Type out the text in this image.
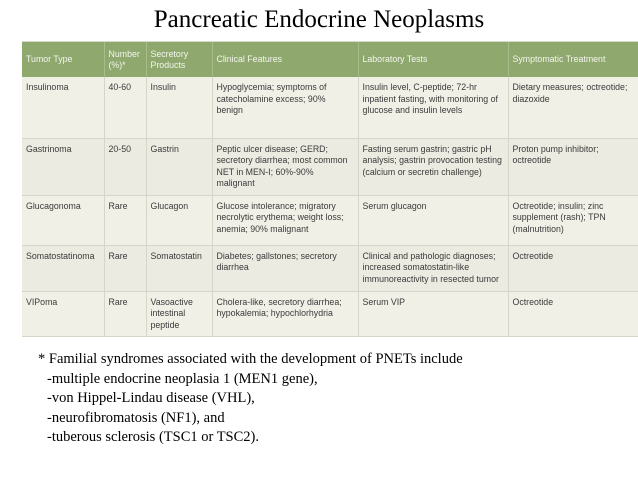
Pancreatic Endocrine Neoplasms
Tumor Type	Number (%)*	Secretory Products	Clinical Features	Laboratory Tests	Symptomatic Treatment
Insulinoma	40-60	Insulin	Hypoglycemia; symptoms of catecholamine excess; 90% benign	Insulin level, C-peptide; 72-hr inpatient fasting, with monitoring of glucose and insulin levels	Dietary measures; octreotide; diazoxide
Gastrinoma	20-50	Gastrin	Peptic ulcer disease; GERD; secretory diarrhea; most common NET in MEN-I; 60%-90% malignant	Fasting serum gastrin; gastric pH analysis; gastrin provocation testing (calcium or secretin challenge)	Proton pump inhibitor; octreotide
Glucagonoma	Rare	Glucagon	Glucose intolerance; migratory necrolytic erythema; weight loss; anemia; 90% malignant	Serum glucagon	Octreotide; insulin; zinc supplement (rash); TPN (malnutrition)
Somatostatinoma	Rare	Somatostatin	Diabetes; gallstones; secretory diarrhea	Clinical and pathologic diagnoses; increased somatostatin-like immunoreactivity in resected tumor	Octreotide
VIPoma	Rare	Vasoactive intestinal peptide	Cholera-like, secretory diarrhea; hypokalemia; hypochlorhydria	Serum VIP	Octreotide
* Familial syndromes associated with the development of PNETs include
-multiple endocrine neoplasia 1 (MEN1 gene),
-von Hippel-Lindau disease (VHL),
-neurofibromatosis (NF1), and
-tuberous sclerosis (TSC1 or TSC2).
